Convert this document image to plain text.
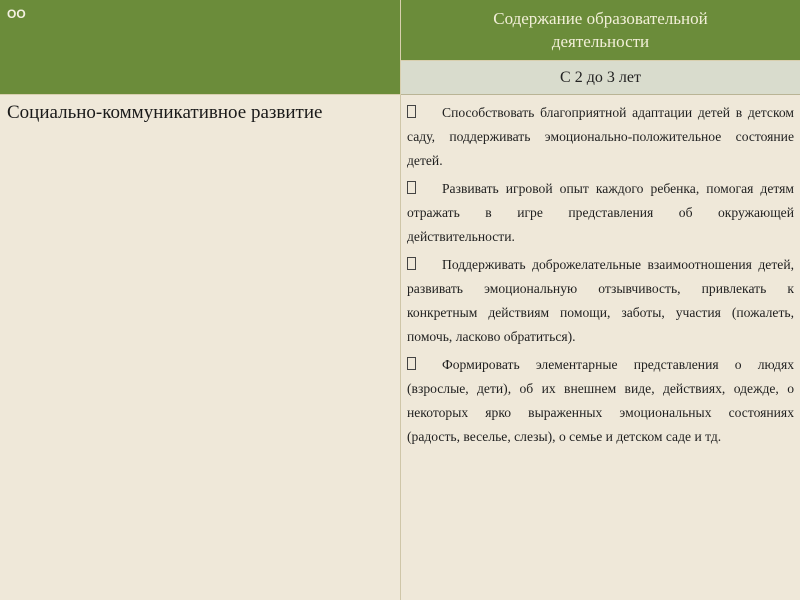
ОО	Содержание образовательной деятельности
С 2 до 3 лет
Социально-коммуникативное развитие	Способствовать благоприятной адаптации детей в детском саду, поддерживать эмоционально-положительное состояние детей.
Развивать игровой опыт каждого ребенка, помогая детям отражать в игре представления об окружающей действительности.
Поддерживать доброжелательные взаимоотношения детей, развивать эмоциональную отзывчивость, привлекать к конкретным действиям помощи, заботы, участия (пожалеть, помочь, ласково обратиться).
Формировать элементарные представления о людях (взрослые, дети), об их внешнем виде, действиях, одежде, о некоторых ярко выраженных эмоциональных состояниях (радость, веселье, слезы), о семье и детском саде и тд.
